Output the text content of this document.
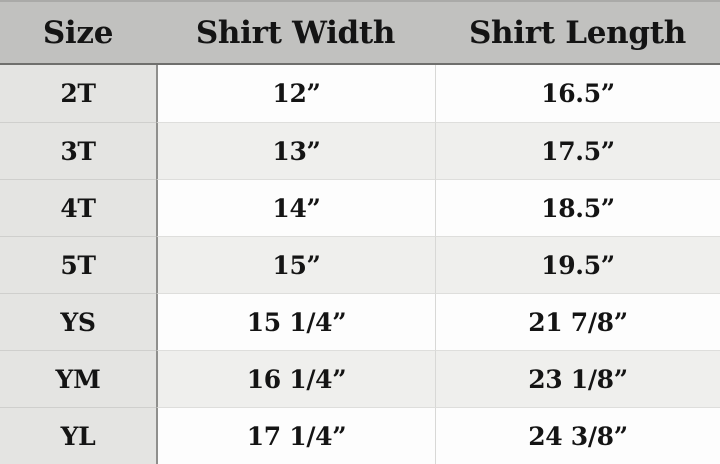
Size	Shirt Width	Shirt Length
2T	12”	16.5”
3T	13”	17.5”
4T	14”	18.5”
5T	15”	19.5”
YS	15 1/4”	21 7/8”
YM	16 1/4”	23 1/8”
YL	17 1/4”	24 3/8”
